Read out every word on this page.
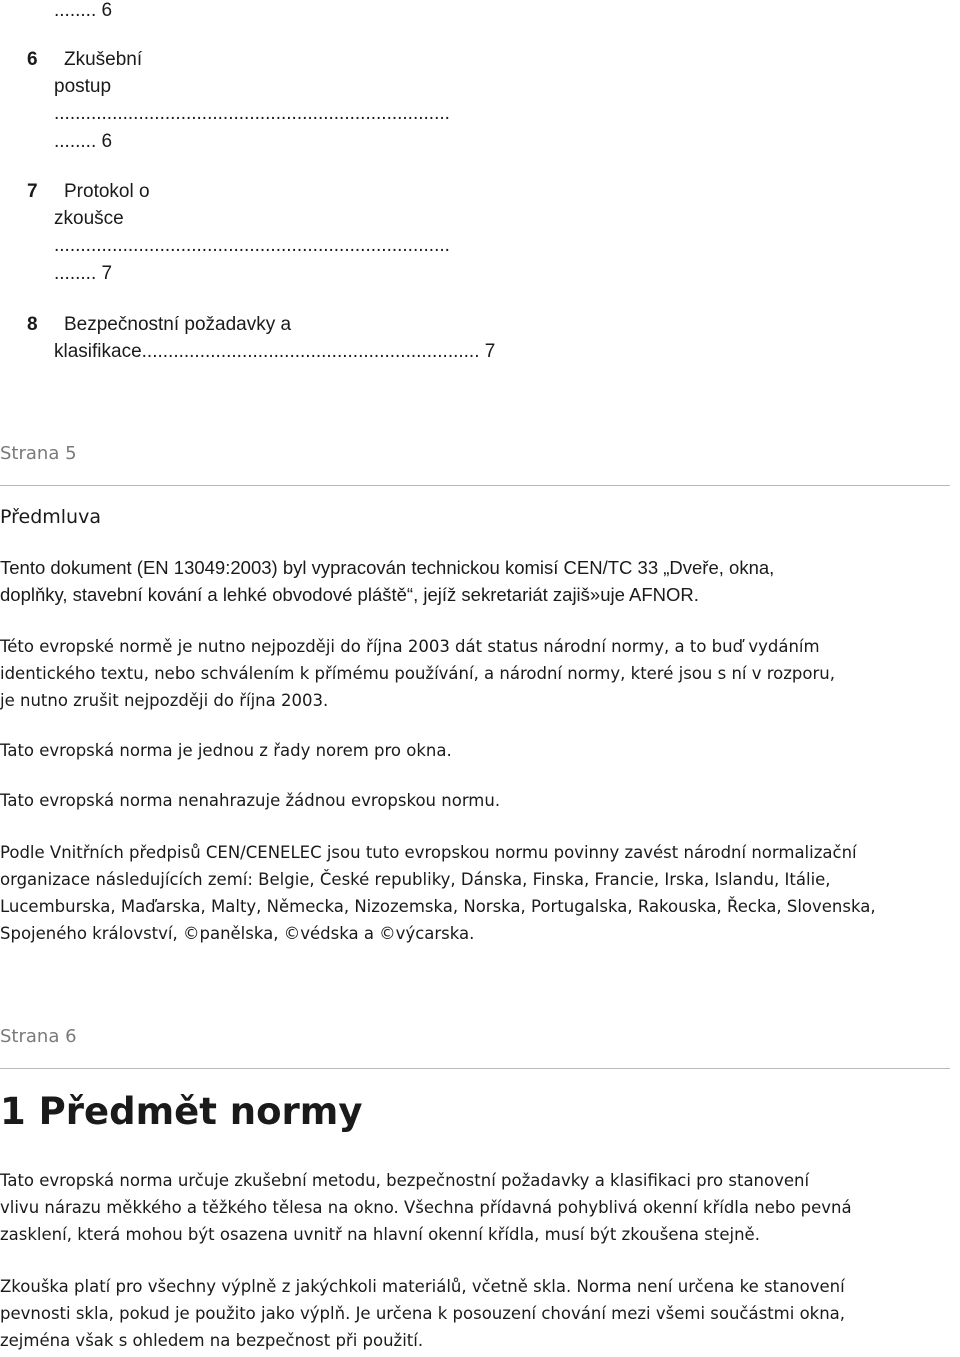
........ 6
6 Zkušební
postup
...........................................................................
........ 6
7 Protokol o
zkoušce
...........................................................................
........ 7
8 Bezpečnostní požadavky a
klasifikace................................................................ 7
Strana 5
Předmluva
Tento dokument (EN 13049:2003) byl vypracován technickou komisí CEN/TC 33 „Dveře, okna,
doplňky, stavební kování a lehké obvodové pláště“, jejíž sekretariát zajiš»uje AFNOR.
Této evropské normě je nutno nejpozději do října 2003 dát status národní normy, a to buď vydáním
identického textu, nebo schválením k přímému používání, a národní normy, které jsou s ní v rozporu,
je nutno zrušit nejpozději do října 2003.
Tato evropská norma je jednou z řady norem pro okna.
Tato evropská norma nenahrazuje žádnou evropskou normu.
Podle Vnitřních předpisů CEN/CENELEC jsou tuto evropskou normu povinny zavést národní normalizační
organizace následujících zemí: Belgie, České republiky, Dánska, Finska, Francie, Irska, Islandu, Itálie,
Lucemburska, Maďarska, Malty, Německa, Nizozemska, Norska, Portugalska, Rakouska, Řecka, Slovenska,
Spojeného království, ©panělska, ©védska a ©výcarska.
Strana 6
1 Předmět normy
Tato evropská norma určuje zkušební metodu, bezpečnostní požadavky a klasifikaci pro stanovení
vlivu nárazu měkkého a těžkého tělesa na okno. Všechna přídavná pohyblivá okenní křídla nebo pevná
zasklení, která mohou být osazena uvnitř na hlavní okenní křídla, musí být zkoušena stejně.
Zkouška platí pro všechny výplně z jakýchkoli materiálů, včetně skla. Norma není určena ke stanovení
pevnosti skla, pokud je použito jako výplň. Je určena k posouzení chování mezi všemi součástmi okna,
zejména však s ohledem na bezpečnost při použití.
